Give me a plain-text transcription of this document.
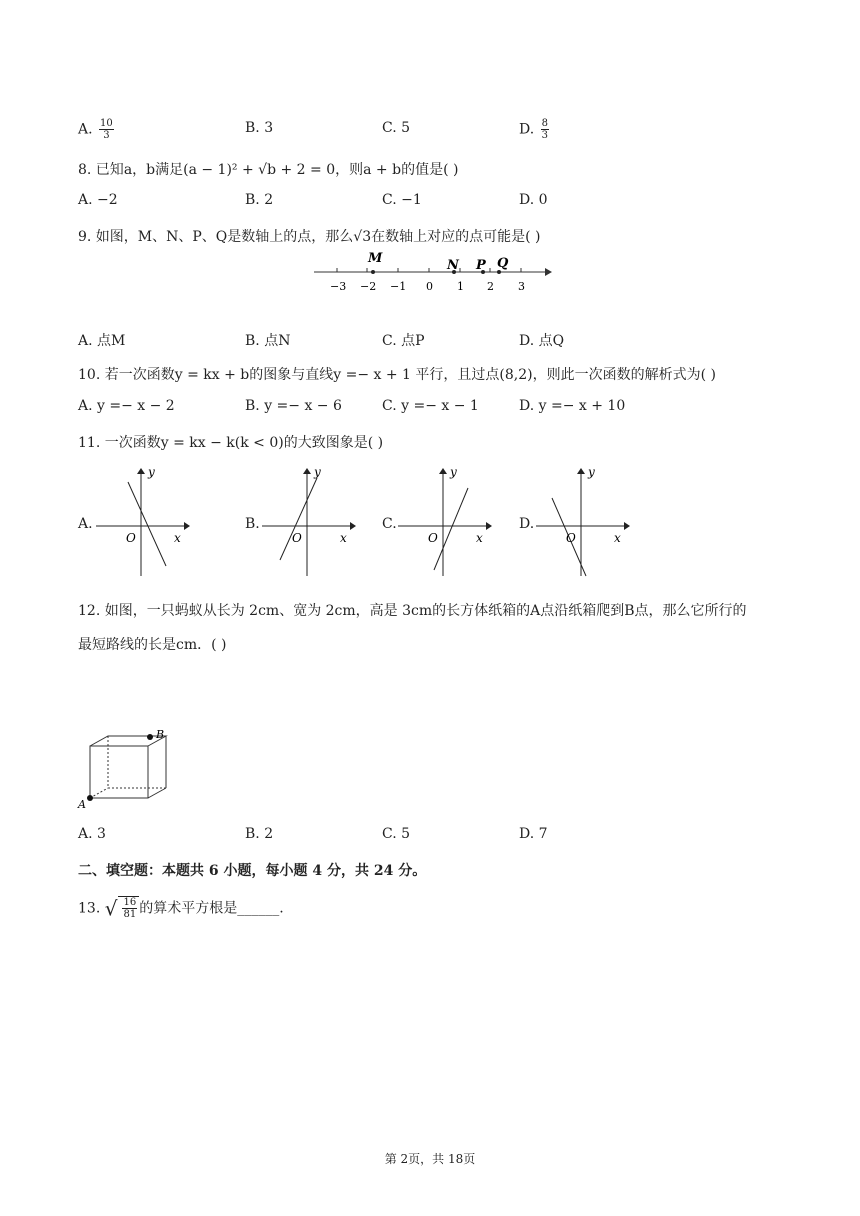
A. $\frac{10}{3}$	B. 3	C. 5	D. $\frac{8}{3}$
8. 已知a，b满足(a − 1)² + √b + 2 = 0，则a + b的值是( )
A. −2	B. 2	C. −1	D. 0
9. 如图，M、N、P、Q是数轴上的点，那么√3在数轴上对应的点可能是( )
−3 −2 −1 0 1 2 3
M	N P Q
A. 点M	B. 点N	C. 点P	D. 点Q
10. 若一次函数y = kx + b的图象与直线y =− x + 1 平行，且过点(8,2)，则此一次函数的解析式为( )
A. y =− x − 2	B. y =− x − 6	C. y =− x − 1	D. y =− x + 10
11. 一次函数y = kx − k(k < 0)的大致图象是( )
A.
y
x
O
B.
y
x
O
C.
y
x
O
D.
y
x
O
12. 如图，一只蚂蚁从长为 2cm、宽为 2cm，高是 3cm的长方体纸箱的A点沿纸箱爬到B点，那么它所行的
最短路线的长是cm．( )
A
B
A. 3	B. 2	C. 5	D. 7
二、填空题：本题共 6 小题，每小题 4 分，共 24 分。
13. √ $\frac{16}{81}$ 的算术平方根是______.
第 2页，共 18页
